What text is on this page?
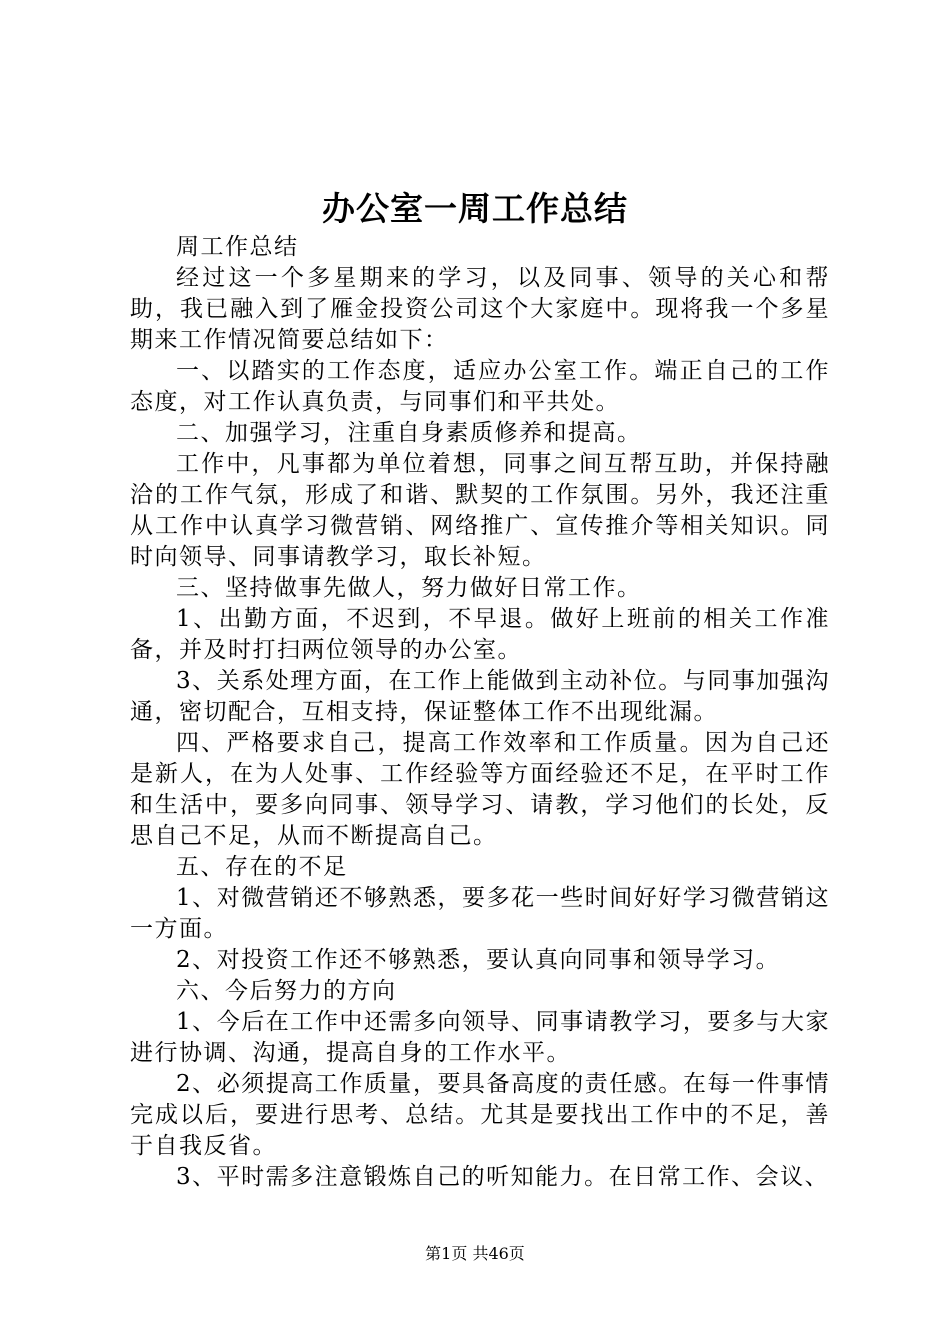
办公室一周工作总结

周工作总结

经过这一个多星期来的学习，以及同事、领导的关心和帮助，我已融入到了雁金投资公司这个大家庭中。现将我一个多星期来工作情况简要总结如下：

一、以踏实的工作态度，适应办公室工作。端正自己的工作态度，对工作认真负责，与同事们和平共处。

二、加强学习，注重自身素质修养和提高。

工作中，凡事都为单位着想，同事之间互帮互助，并保持融洽的工作气氛，形成了和谐、默契的工作氛围。另外，我还注重从工作中认真学习微营销、网络推广、宣传推介等相关知识。同时向领导、同事请教学习，取长补短。

三、坚持做事先做人，努力做好日常工作。

1、出勤方面，不迟到，不早退。做好上班前的相关工作准备，并及时打扫两位领导的办公室。

3、关系处理方面，在工作上能做到主动补位。与同事加强沟通，密切配合，互相支持，保证整体工作不出现纰漏。

四、严格要求自己，提高工作效率和工作质量。因为自己还是新人，在为人处事、工作经验等方面经验还不足，在平时工作和生活中，要多向同事、领导学习、请教，学习他们的长处，反思自己不足，从而不断提高自己。

五、存在的不足

1、对微营销还不够熟悉，要多花一些时间好好学习微营销这一方面。

2、对投资工作还不够熟悉，要认真向同事和领导学习。

六、今后努力的方向

1、今后在工作中还需多向领导、同事请教学习，要多与大家进行协调、沟通，提高自身的工作水平。

2、必须提高工作质量，要具备高度的责任感。在每一件事情完成以后，要进行思考、总结。尤其是要找出工作中的不足，善于自我反省。

3、平时需多注意锻炼自己的听知能力。在日常工作、会议、

第1页 共46页
